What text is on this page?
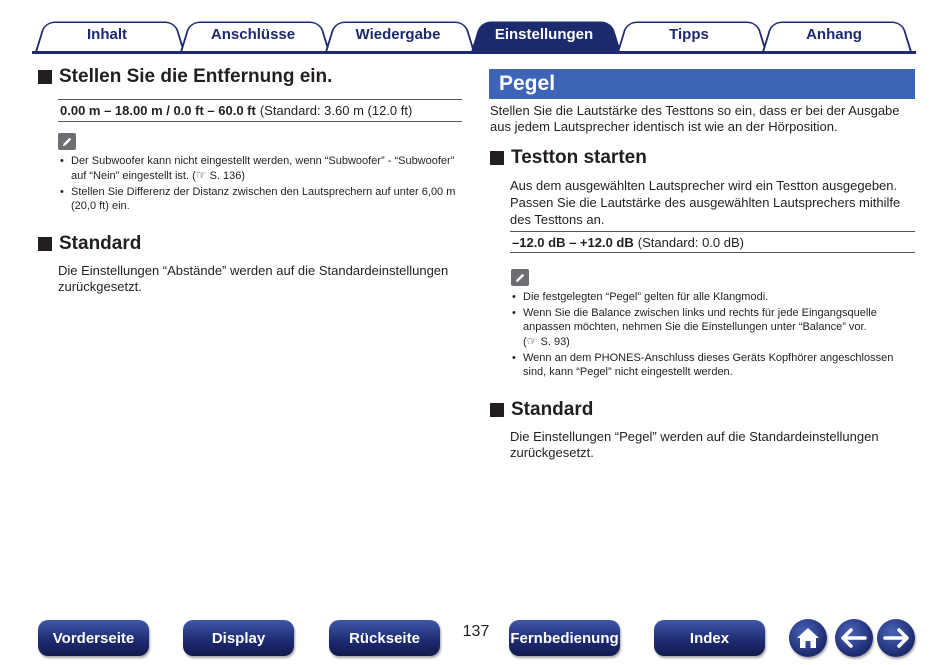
Inhalt	Anschlüsse	Wiedergabe	Einstellungen	Tipps	Anhang
Stellen Sie die Entfernung ein.
0.00 m – 18.00 m / 0.0 ft – 60.0 ft (Standard: 3.60 m (12.0 ft)
• Der Subwoofer kann nicht eingestellt werden, wenn “Subwoofer” - “Subwoofer” auf “Nein” eingestellt ist. (☞ S. 136)
• Stellen Sie Differenz der Distanz zwischen den Lautsprechern auf unter 6,00 m (20,0 ft) ein.
Standard
Die Einstellungen “Abstände” werden auf die Standardeinstellungen zurückgesetzt.
Pegel
Stellen Sie die Lautstärke des Testtons so ein, dass er bei der Ausgabe aus jedem Lautsprecher identisch ist wie an der Hörposition.
Testton starten
Aus dem ausgewählten Lautsprecher wird ein Testton ausgegeben. Passen Sie die Lautstärke des ausgewählten Lautsprechers mithilfe des Testtons an.
–12.0 dB – +12.0 dB (Standard: 0.0 dB)
• Die festgelegten “Pegel” gelten für alle Klangmodi.
• Wenn Sie die Balance zwischen links und rechts für jede Eingangsquelle anpassen möchten, nehmen Sie die Einstellungen unter “Balance” vor.
(☞ S. 93)
• Wenn an dem PHONES-Anschluss dieses Geräts Kopfhörer angeschlossen sind, kann “Pegel” nicht eingestellt werden.
Standard
Die Einstellungen “Pegel” werden auf die Standardeinstellungen zurückgesetzt.
Vorderseite	Display	Rückseite	137	Fernbedienung	Index
